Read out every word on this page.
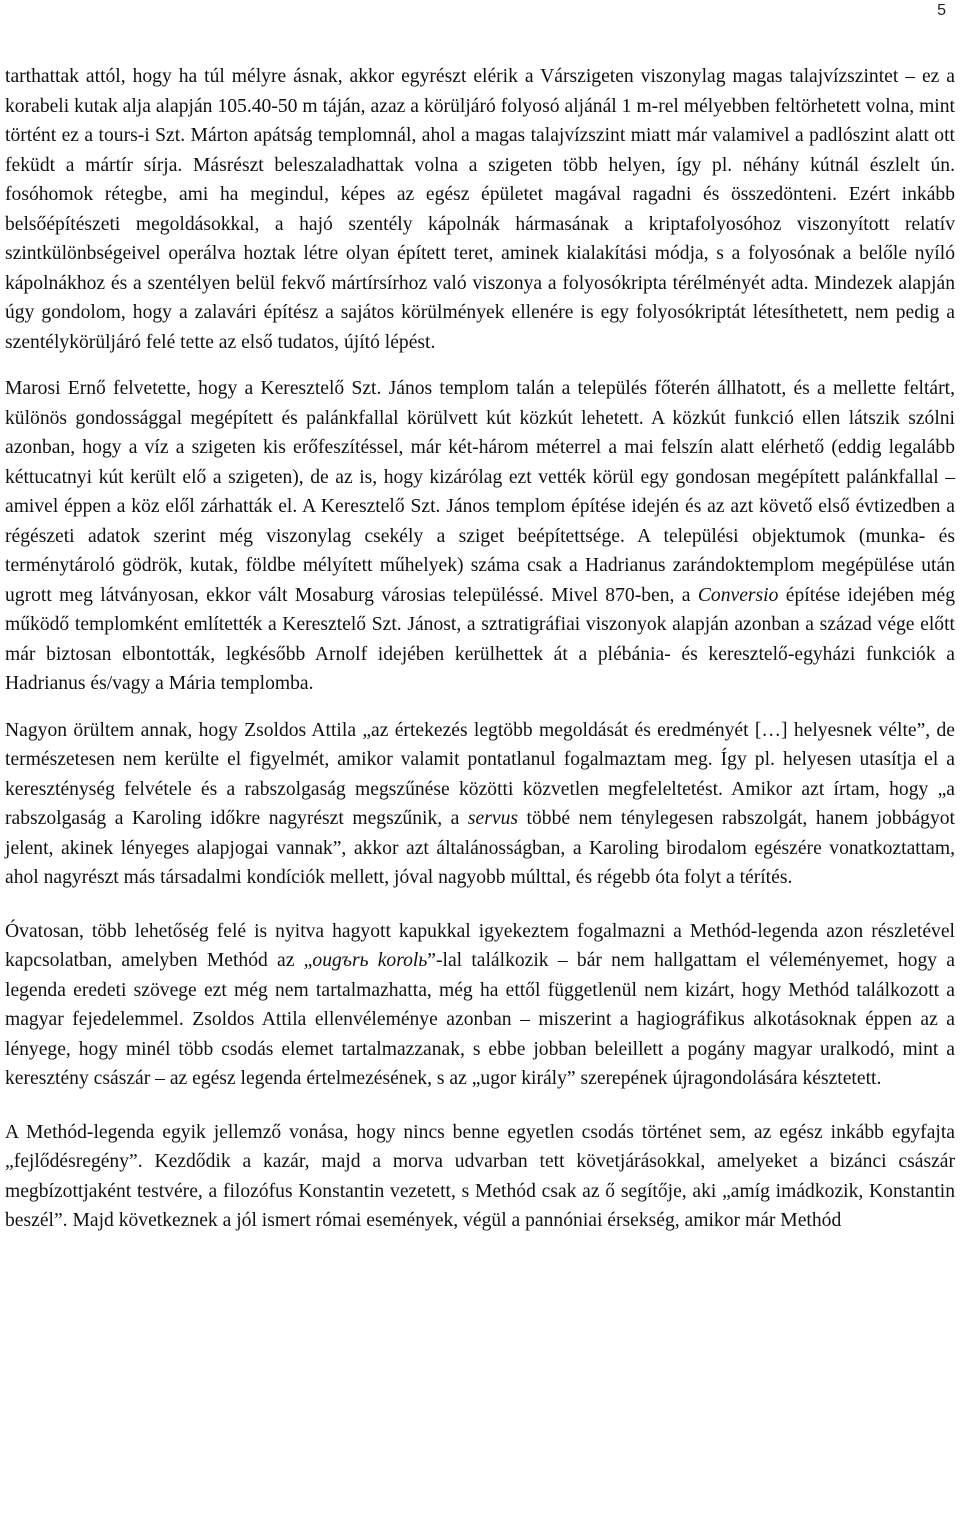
5

tarthattak attól, hogy ha túl mélyre ásnak, akkor egyrészt elérik a Várszigeten viszonylag magas talajvízszintet – ez a korabeli kutak alja alapján 105.40-50 m táján, azaz a körüljáró folyosó aljánál 1 m-rel mélyebben feltörhetett volna, mint történt ez a tours-i Szt. Márton apátság templomnál, ahol a magas talajvízszint miatt már valamivel a padlószint alatt ott feküdt a mártír sírja. Másrészt beleszaladhattak volna a szigeten több helyen, így pl. néhány kútnál észlelt ún. fosóhomok rétegbe, ami ha megindul, képes az egész épületet magával ragadni és összedönteni. Ezért inkább belsőépítészeti megoldásokkal, a hajó szentély kápolnák hármasának a kriptafolyosóhoz viszonyított relatív szintkülönbségeivel operálva hoztak létre olyan épített teret, aminek kialakítási módja, s a folyosónak a belőle nyíló kápolnákhoz és a szentélyen belül fekvő mártírsírhoz való viszonya a folyosókripta térélményét adta. Mindezek alapján úgy gondolom, hogy a zalavári építész a sajátos körülmények ellenére is egy folyosókriptát létesíthetett, nem pedig a szentélykörüljáró felé tette az első tudatos, újító lépést.

Marosi Ernő felvetette, hogy a Keresztelő Szt. János templom talán a település főterén állhatott, és a mellette feltárt, különös gondossággal megépített és palánkfallal körülvett kút közkút lehetett. A közkút funkció ellen látszik szólni azonban, hogy a víz a szigeten kis erőfeszítéssel, már két-három méterrel a mai felszín alatt elérhető (eddig legalább kéttucatnyi kút került elő a szigeten), de az is, hogy kizárólag ezt vették körül egy gondosan megépített palánkfallal – amivel éppen a köz elől zárhatták el. A Keresztelő Szt. János templom építése idején és az azt követő első évtizedben a régészeti adatok szerint még viszonylag csekély a sziget beépítettsége. A települési objektumok (munka- és terménytároló gödrök, kutak, földbe mélyített műhelyek) száma csak a Hadrianus zarándoktemplom megépülése után ugrott meg látványosan, ekkor vált Mosaburg városias településsé. Mivel 870-ben, a Conversio építése idejében még működő templomként említették a Keresztelő Szt. Jánost, a sztratigráfiai viszonyok alapján azonban a század vége előtt már biztosan elbontották, legkésőbb Arnolf idejében kerülhettek át a plébánia- és keresztelő-egyházi funkciók a Hadrianus és/vagy a Mária templomba.

Nagyon örültem annak, hogy Zsoldos Attila „az értekezés legtöbb megoldását és eredményét […] helyesnek vélte”, de természetesen nem kerülte el figyelmét, amikor valamit pontatlanul fogalmaztam meg. Így pl. helyesen utasítja el a kereszténység felvétele és a rabszolgaság megszűnése közötti közvetlen megfeleltetést. Amikor azt írtam, hogy „a rabszolgaság a Karoling időkre nagyrészt megszűnik, a servus többé nem ténylegesen rabszolgát, hanem jobbágyot jelent, akinek lényeges alapjogai vannak”, akkor azt általánosságban, a Karoling birodalom egészére vonatkoztattam, ahol nagyrészt más társadalmi kondíciók mellett, jóval nagyobb múlttal, és régebb óta folyt a térítés.

Óvatosan, több lehetőség felé is nyitva hagyott kapukkal igyekeztem fogalmazni a Methód-legenda azon részletével kapcsolatban, amelyben Methód az „ougъrь korolь”-lal találkozik – bár nem hallgattam el véleményemet, hogy a legenda eredeti szövege ezt még nem tartalmazhatta, még ha ettől függetlenül nem kizárt, hogy Methód találkozott a magyar fejedelemmel. Zsoldos Attila ellenvéleménye azonban – miszerint a hagiográfikus alkotásoknak éppen az a lényege, hogy minél több csodás elemet tartalmazzanak, s ebbe jobban beleillett a pogány magyar uralkodó, mint a keresztény császár – az egész legenda értelmezésének, s az „ugor király” szerepének újragondolására késztetett.

A Methód-legenda egyik jellemző vonása, hogy nincs benne egyetlen csodás történet sem, az egész inkább egyfajta „fejlődésregény”. Kezdődik a kazár, majd a morva udvarban tett követjárásokkal, amelyeket a bizánci császár megbízottjaként testvére, a filozófus Konstantin vezetett, s Methód csak az ő segítője, aki „amíg imádkozik, Konstantin beszél”. Majd következnek a jól ismert római események, végül a pannóniai érsekség, amikor már Methód
